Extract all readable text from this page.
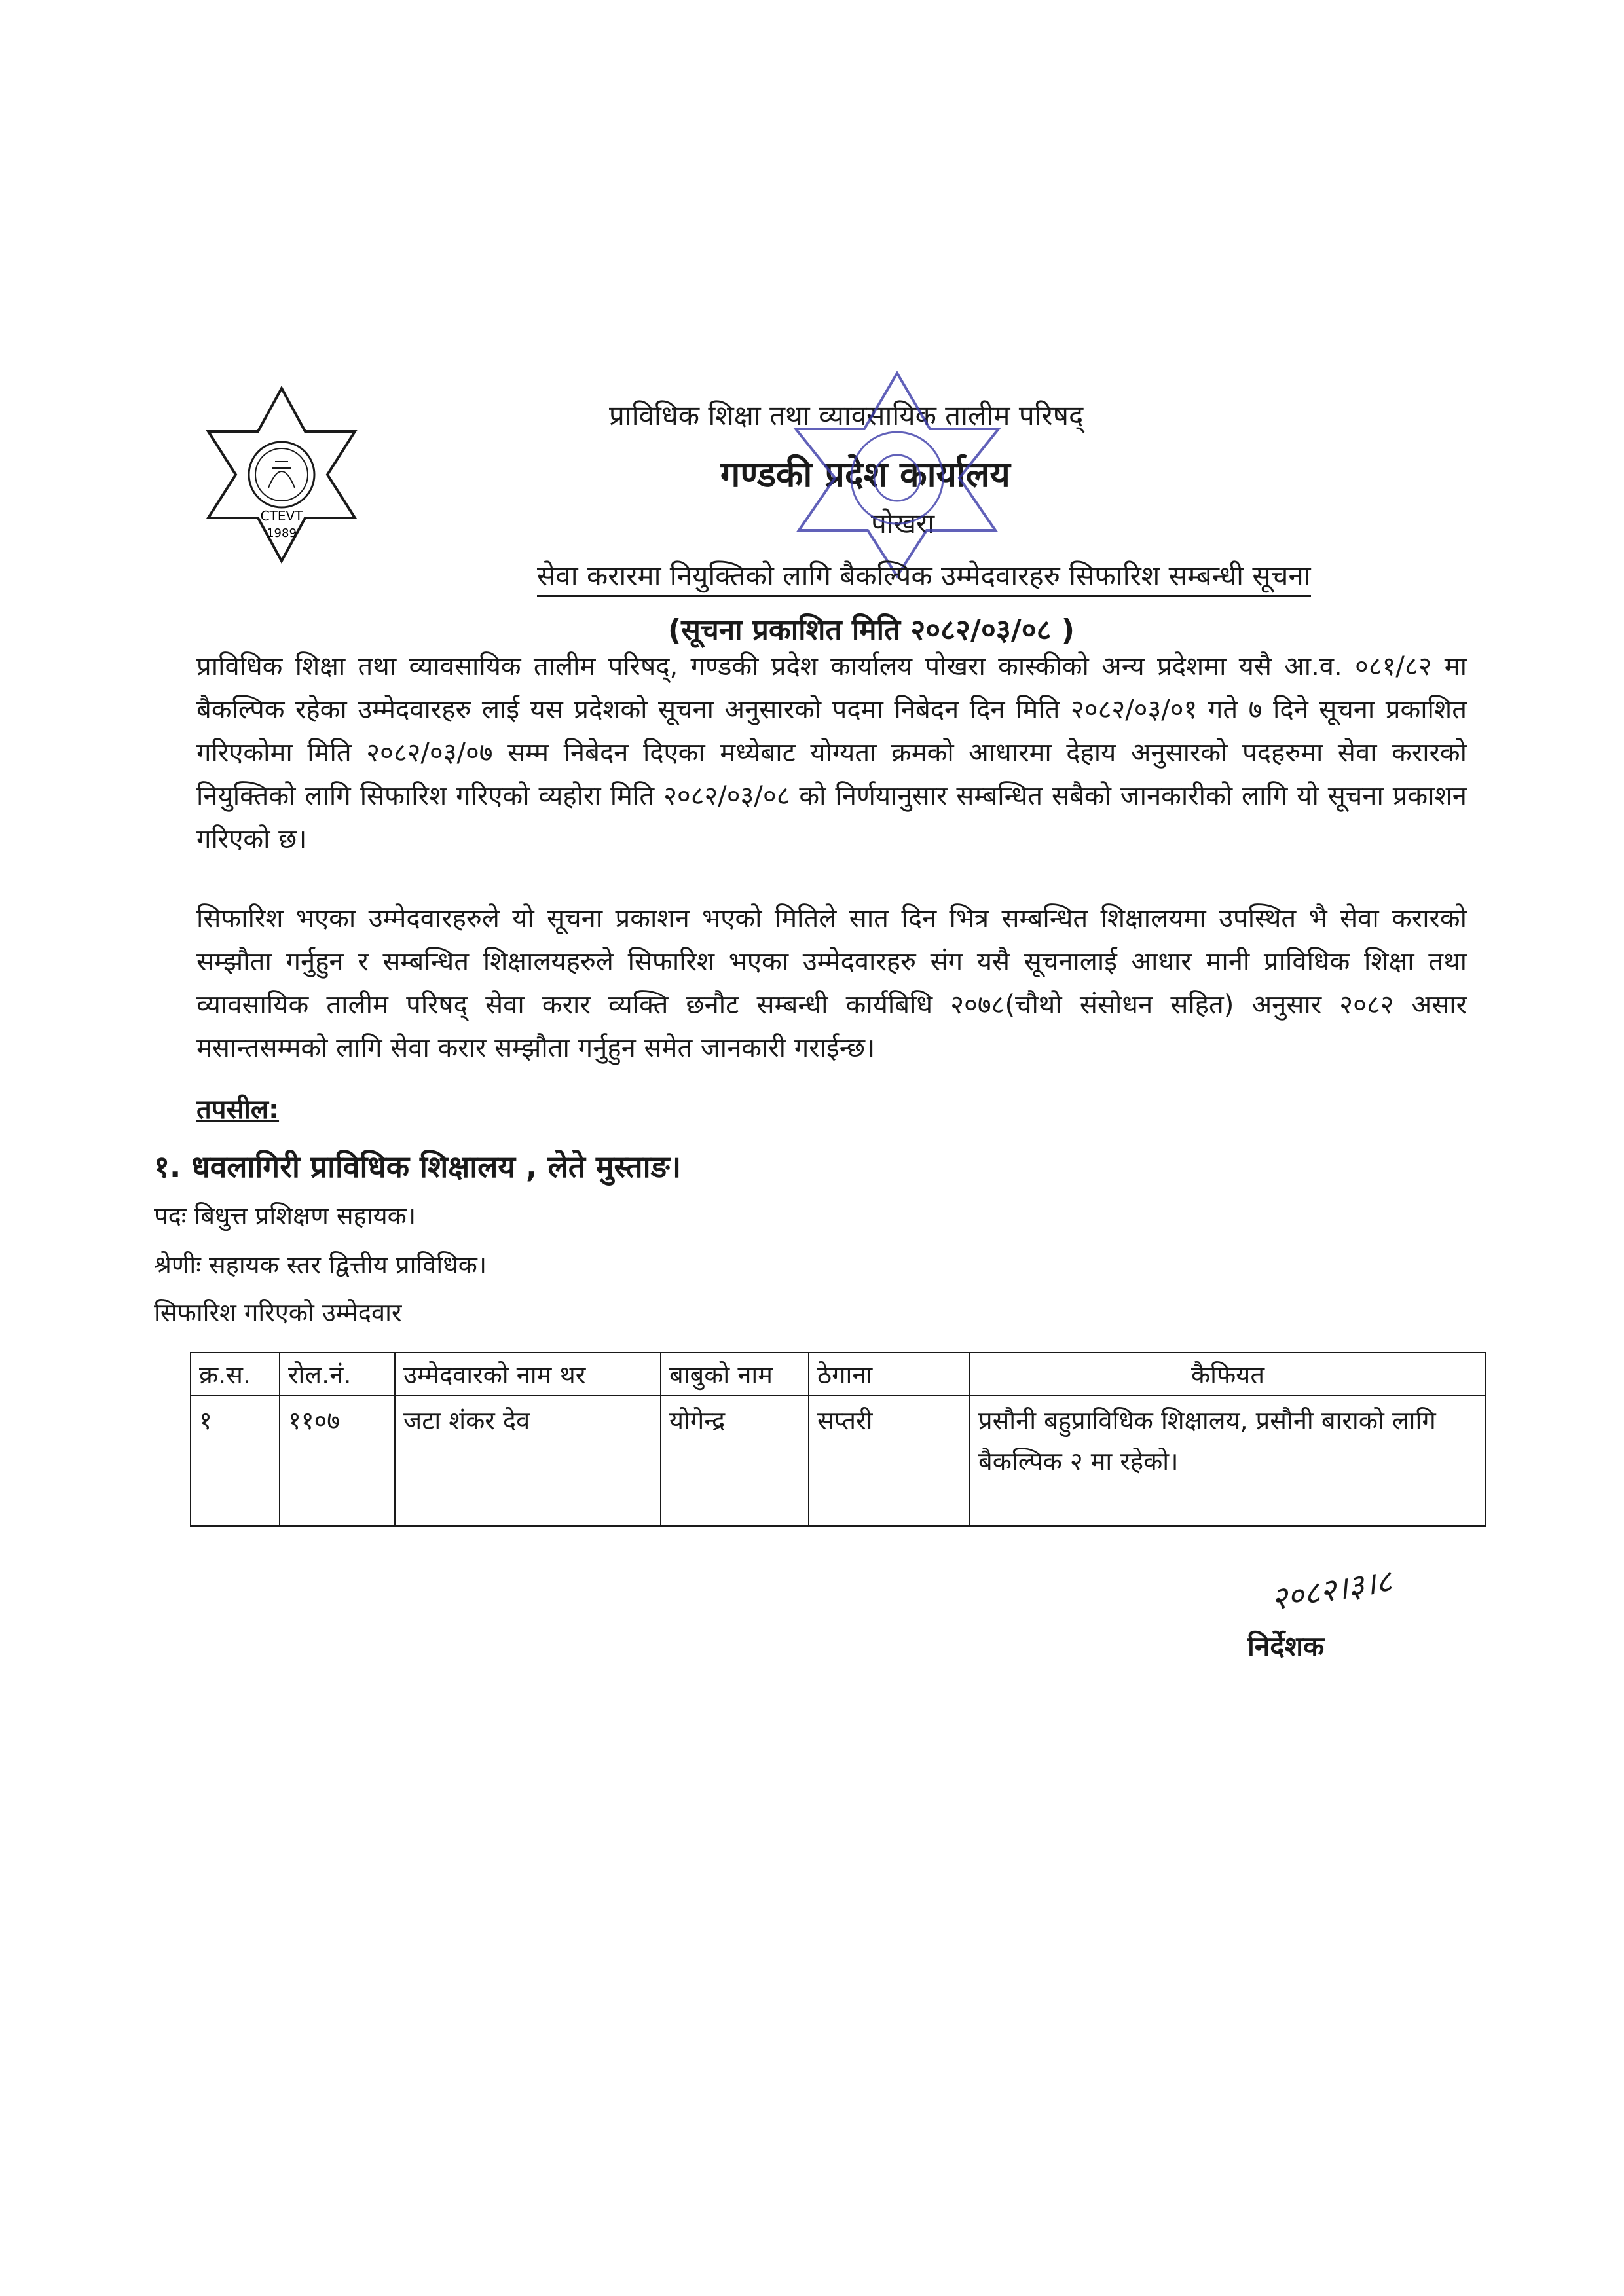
CTEVT
1989
प्राविधिक शिक्षा तथा व्यावसायिक तालीम परिषद्
गण्डकी प्रदेश कार्यालय
पोखरा
सेवा करारमा नियुक्तिको लागि बैकल्पिक उम्मेदवारहरु सिफारिश सम्बन्धी सूचना
(सूचना प्रकाशित मिति २०८२/०३/०८ )

प्राविधिक शिक्षा तथा व्यावसायिक तालीम परिषद्, गण्डकी प्रदेश कार्यालय पोखरा कास्कीको अन्य प्रदेशमा यसै आ.व. ०८१/८२ मा बैकल्पिक रहेका उम्मेदवारहरु लाई यस प्रदेशको सूचना अनुसारको पदमा निबेदन दिन मिति २०८२/०३/०१ गते ७ दिने सूचना प्रकाशित गरिएकोमा मिति २०८२/०३/०७ सम्म निबेदन दिएका मध्येबाट योग्यता क्रमको आधारमा देहाय अनुसारको पदहरुमा सेवा करारको नियुक्तिको लागि सिफारिश गरिएको व्यहोरा मिति २०८२/०३/०८ को निर्णयानुसार सम्बन्धित सबैको जानकारीको लागि यो सूचना प्रकाशन गरिएको छ।

सिफारिश भएका उम्मेदवारहरुले यो सूचना प्रकाशन भएको मितिले सात दिन भित्र सम्बन्धित शिक्षालयमा उपस्थित भै सेवा करारको सम्झौता गर्नुहुन र सम्बन्धित शिक्षालयहरुले सिफारिश भएका उम्मेदवारहरु संग यसै सूचनालाई आधार मानी प्राविधिक शिक्षा तथा व्यावसायिक तालीम परिषद् सेवा करार व्यक्ति छनौट सम्बन्धी कार्यबिधि २०७८(चौथो संसोधन सहित) अनुसार २०८२ असार मसान्तसम्मको लागि सेवा करार सम्झौता गर्नुहुन समेत जानकारी गराईन्छ।

तपसील:
१. धवलागिरी प्राविधिक शिक्षालय , लेते मुस्ताङ।
पदः बिधुत्त प्रशिक्षण सहायक।
श्रेणीः सहायक स्तर द्वित्तीय प्राविधिक।
सिफारिश गरिएको उम्मेदवार
क्र.स.	रोल.नं.	उम्मेदवारको नाम थर	बाबुको नाम	ठेगाना	कैफियत
१	११०७	जटा शंकर देव	योगेन्द्र	सप्तरी	प्रसौनी बहुप्राविधिक शिक्षालय, प्रसौनी बाराको लागि बैकल्पिक २ मा रहेको।
२०८२।३।८
निर्देशक
